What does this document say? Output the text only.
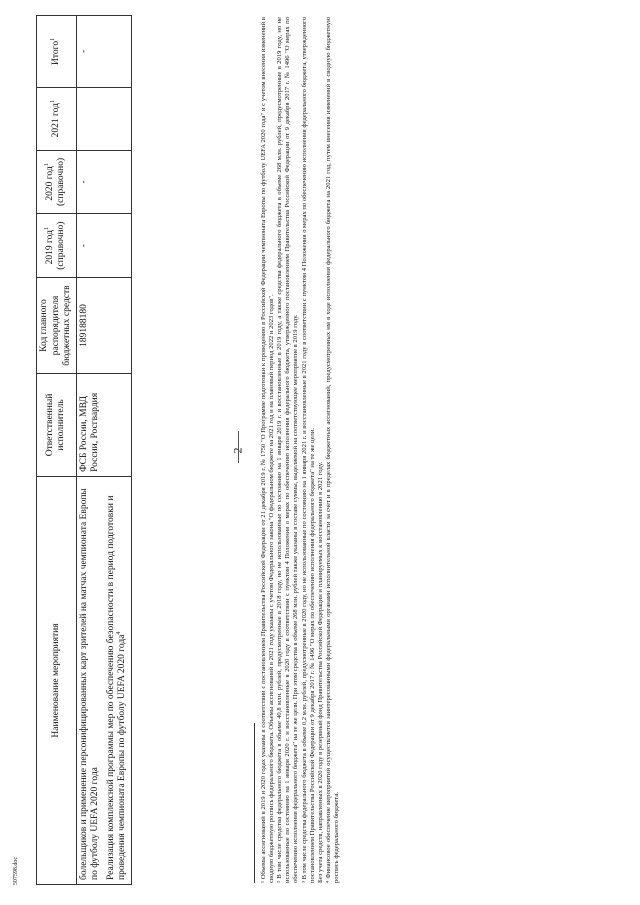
2
507598.doc
Наименование мероприятия	Ответственный исполнитель	Код главного распорядителя бюджетных средств	2019 год$^1$ (справочно)	2020 год$^1$ (справочно)	2021 год$^1$	Итого$^1$

болельщиков и применение персонифицированных карт зрителей на матчах чемпионата Европы по футболу UEFA 2020 года Реализация комплексной программы мер по обеспечению безопасности в период подготовки и проведения чемпионата Европы по футболу UEFA 2020 года$^4$	ФСБ России, МВД России, Росгвардия	189188180	-	-		-	¹ Объемы ассигнований в 2019 и 2020 годах указаны в соответствии с постановлением Правительства Российской Федерации от 21 декабря 2019 г. № 1750 "О Программе подготовки к проведению в Российской Федерации чемпионата Европы по футболу UEFA 2020 года" и с учетом внесения изменений в сводную бюджетную роспись федерального бюджета. Объемы ассигнований в 2021 году указаны с учетом Федерального закона "О федеральном бюджете на 2021 год и на плановый период 2022 и 2023 годов". ² В том числе средства федерального бюджета в объеме 40,8 млн. рублей, предусмотренные в 2018 году, но не использованные по состоянию на 1 января 2019 г. и восстановленные в 2019 году, а также средства федерального бюджета в объеме 268 млн. рублей, предусмотренные в 2019 году, но не использованные по состоянию на 1 января 2020 г. и восстановленные в 2020 году в соответствии с пунктом 4 Положения о мерах по обеспечению исполнения федерального бюджета, утвержденного постановлением Правительства Российской Федерации от 9 декабря 2017 г. № 1496 "О мерах по обеспечению исполнения федерального бюджета" на те же цели. При этом средства в объеме 268 млн. рублей также указаны в составе суммы, выделяемой на соответствующее мероприятие в 2019 году. ³ В том числе средства федерального бюджета в объеме 0,2 млн. рублей, предусмотренные в 2020 году, но не использованные по состоянию на 1 января 2021 г. и восстановленные в 2021 году в соответствии с пунктом 4 Положения о мерах по обеспечению исполнения федерального бюджета, утвержденного постановлением Правительства Российской Федерации от 9 декабря 2017 г. № 1496 "О мерах по обеспечению исполнения федерального бюджета" на те же цели. Без учета средств, направленных в 2020 году в резервный фонд Правительства Российской Федерации и планируемых к восстановлению в 2021 году. ⁴ Финансовое обеспечение мероприятий осуществляется заинтересованными федеральными органами исполнительной власти за счет и в пределах бюджетных ассигнований, предусмотренных им в ходе исполнения федерального бюджета на 2021 год, путем внесения изменений в сводную бюджетную роспись федерального бюджета.
